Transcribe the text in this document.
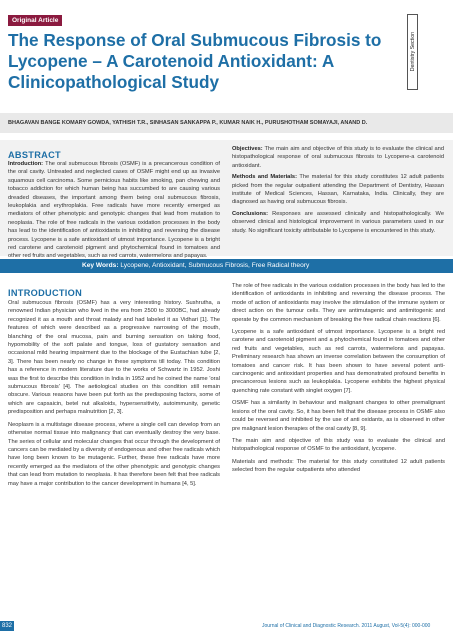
Original Article
The Response of Oral Submucous Fibrosis to Lycopene – A Carotenoid Antioxidant: A Clinicopathological Study
Dentistry Section
BHAGAVAN BANGE KOMARY GOWDA, YATHISH T.R., SINHASAN SANKAPPA P., KUMAR NAIK H., PURUSHOTHAM SOMAYAJI, ANAND D.
ABSTRACT

Introduction: The oral submucous fibrosis (OSMF) is a precancerous condition of the oral cavity. Untreated and neglected cases of OSMF might end up as invasive squamous cell carcinoma. Some pernicious habits like smoking, pan chewing and tobacco addiction for which human being has succumbed to are causing various dreaded diseases, the important among them being oral submucous fibrosis, leukoplakia and erythroplakia. Free radicals have more recently emerged as mediators of other phenotypic and genotypic changes that lead from mutation to neoplasia. The role of free radicals in the various oxidation processes in the body has lead to the identification of antioxidants in inhibiting and reversing the disease process. Lycopene is a safe antioxidant of utmost importance. Lycopene is a bright red carotene and carotenoid pigment and phytochemical found in tomatoes and other red fruits and vegetables, such as red carrots, watermelons and papayas.

Objectives: The main aim and objective of this study is to evaluate the clinical and histopathological response of oral submucous fibrosis to Lycopene-a carotenoid antioxidant.

Methods and Materials: The material for this study constitutes 12 adult patients picked from the regular outpatient attending the Department of Dentistry, Hassan institute of Medical Sciences, Hassan, Karnataka, India. Clinically, they are diagnosed as having oral submucous fibrosis.

Conclusions: Responses are assessed clinically and histopathologically. We observed clinical and histological improvement in various parameters used in our study. No significant toxicity attributable to Lycopene is encountered in this study.

Key Words: Lycopene, Antioxidant, Submucous Fibrosis, Free Radical theory
INTRODUCTION

Oral submucous fibrosis (OSMF) has a very interesting history. Sushrutha, a renowned Indian physician who lived in the era from 2500 to 3000BC, had already recognized it as a mouth and throat malady and had labeled it as Vidhari [1]. The features of which were described as a progressive narrowing of the mouth, blanching of the oral mucosa, pain and burning sensation on taking food, hypomobility of the soft palate and tongue, loss of gustatory sensation and occasional mild hearing impairment due to the blockage of the Eustachian tube [2, 3]. There has been nearly no change in these symptoms till today. This condition has a reference in modern literature due to the works of Schwartz in 1952. Joshi was the first to describe this condition in India in 1952 and he coined the name 'oral submucous fibrosis' [4]. The aetiological studies on this condition still remain obscure. Various reasons have been put forth as the predisposing factors, some of which are capsaicin, betel nut alkaloids, hypersensitivity, autoimmunity, genetic predisposition and perhaps malnutrition [2, 3].

Neoplasm is a multistage disease process, where a single cell can develop from an otherwise normal tissue into malignancy that can eventually destroy the very base. The series of cellular and molecular changes that occur through the development of cancers can be mediated by a diversity of endogenous and other free radicals which have long been known to be mutagenic. Further, these free radicals have more recently emerged as the mediators of the other phenotypic and genotypic changes that can lead from mutation to neoplasia. It has therefore been felt that free radicals may have a major contribution to the cancer development in humans [4, 5].

The role of free radicals in the various oxidation processes in the body has led to the identification of antioxidants in inhibiting and reversing the disease process. The mode of action of antioxidants may involve the stimulation of the immune system or direct action on the tumour cells. They are antimutagenic and antimitogenic and operate by the common mechanism of breaking the free radical chain reactions [6].

Lycopene is a safe antioxidant of utmost importance. Lycopene is a bright red carotene and carotenoid pigment and a phytochemical found in tomatoes and other red fruits and vegetables, such as red carrots, watermelons and papayas. Preliminary research has shown an inverse correlation between the consumption of tomatoes and cancer risk. It has been shown to have several potent anti-carcinogenic and antioxidant properties and has demonstrated profound benefits in precancerous lesions such as leukoplakia. Lycopene exhibits the highest physical quenching rate constant with singlet oxygen [7].

OSMF has a similarity in behaviour and malignant changes to other premalignant lesions of the oral cavity. So, it has been felt that the disease process in OSMF also could be reversed and inhibited by the use of anti oxidants, as is observed in other pre malignant lesion therapies of the oral cavity [8, 9].

The main aim and objective of this study was to evaluate the clinical and histopathological response of OSMF to the antioxidant, lycopene.

Materials and methods: The material for this study constituted 12 adult patients selected from the regular outpatients who attended

832	Journal of Clinical and Diagnostic Research. 2011 August, Vol-5(4): 000-000
